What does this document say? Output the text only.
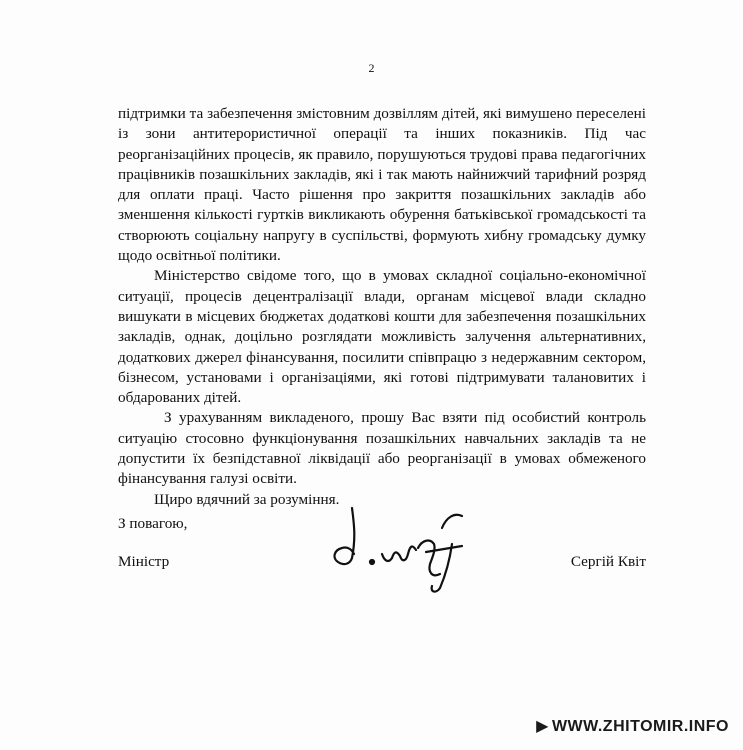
2

підтримки та забезпечення змістовним дозвіллям дітей, які вимушено переселені із зони антитерористичної операції та інших показників. Під час реорганізаційних процесів, як правило, порушуються трудові права педагогічних працівників позашкільних закладів, які і так мають найнижчий тарифний розряд для оплати праці. Часто рішення про закриття позашкільних закладів або зменшення кількості гуртків викликають обурення батьківської громадськості та створюють соціальну напругу в суспільстві, формують хибну громадську думку щодо освітньої політики.

Міністерство свідоме того, що в умовах складної соціально-економічної ситуації, процесів децентралізації влади, органам місцевої влади складно вишукати в місцевих бюджетах додаткові кошти для забезпечення позашкільних закладів, однак, доцільно розглядати можливість залучення альтернативних, додаткових джерел фінансування, посилити співпрацю з недержавним сектором, бізнесом, установами і організаціями, які готові підтримувати талановитих і обдарованих дітей.

З урахуванням викладеного, прошу Вас взяти під особистий контроль ситуацію стосовно функціонування позашкільних навчальних закладів та не допустити їх безпідставної ліквідації або реорганізації в умовах обмеженого фінансування галузі освіти.

Щиро вдячний за розуміння.

З повагою,
Міністр	Сергій Квіт
▶ WWW.ZHITOMIR.INFO
